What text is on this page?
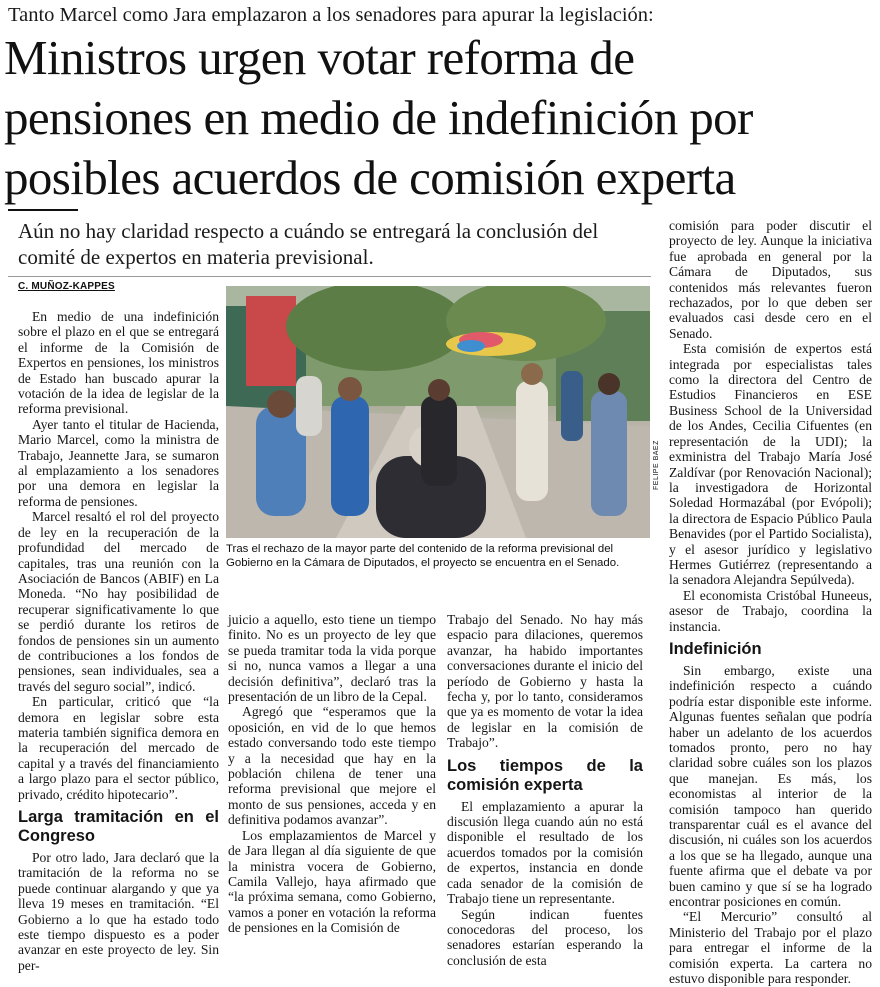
Tanto Marcel como Jara emplazaron a los senadores para apurar la legislación:
Ministros urgen votar reforma de
pensiones en medio de indefinición por
posibles acuerdos de comisión experta
Aún no hay claridad respecto a cuándo se entregará la conclusión del comité de expertos en materia previsional.
C. MUÑOZ-KAPPES

En medio de una indefinición sobre el plazo en el que se entregará el informe de la Comisión de Expertos en pensiones, los ministros de Estado han buscado apurar la votación de la idea de legislar de la reforma previsional.

Ayer tanto el titular de Hacienda, Mario Marcel, como la ministra de Trabajo, Jeannette Jara, se sumaron al emplazamiento a los senadores por una demora en legislar la reforma de pensiones.

Marcel resaltó el rol del proyecto de ley en la recuperación de la profundidad del mercado de capitales, tras una reunión con la Asociación de Bancos (ABIF) en La Moneda. “No hay posibilidad de recuperar significativamente lo que se perdió durante los retiros de fondos de pensiones sin un aumento de contribuciones a los fondos de pensiones, sean individuales, sea a través del seguro social”, indicó.

En particular, criticó que “la demora en legislar sobre esta materia también significa demora en la recuperación del mercado de capital y a través del financiamiento a largo plazo para el sector público, privado, crédito hipotecario”.

Larga tramitación en el Congreso

Por otro lado, Jara declaró que la tramitación de la reforma no se puede continuar alargando y que ya lleva 19 meses en tramitación. “El Gobierno a lo que ha estado todo este tiempo dispuesto es a poder avanzar en este proyecto de ley. Sin per-

FELIPE BAEZ
Tras el rechazo de la mayor parte del contenido de la reforma previsional del Gobierno en la Cámara de Diputados, el proyecto se encuentra en el Senado.

juicio a aquello, esto tiene un tiempo finito. No es un proyecto de ley que se pueda tramitar toda la vida porque si no, nunca vamos a llegar a una decisión definitiva”, declaró tras la presentación de un libro de la Cepal.

Agregó que “esperamos que la oposición, en vid de lo que hemos estado conversando todo este tiempo y a la necesidad que hay en la población chilena de tener una reforma previsional que mejore el monto de sus pensiones, acceda y en definitiva podamos avanzar”.

Los emplazamientos de Marcel y de Jara llegan al día siguiente de que la ministra vocera de Gobierno, Camila Vallejo, haya afirmado que “la próxima semana, como Gobierno, vamos a poner en votación la reforma de pensiones en la Comisión de

Trabajo del Senado. No hay más espacio para dilaciones, queremos avanzar, ha habido importantes conversaciones durante el inicio del período de Gobierno y hasta la fecha y, por lo tanto, consideramos que ya es momento de votar la idea de legislar en la comisión de Trabajo”.

Los tiempos de la comisión experta

El emplazamiento a apurar la discusión llega cuando aún no está disponible el resultado de los acuerdos tomados por la comisión de expertos, instancia en donde cada senador de la comisión de Trabajo tiene un representante.

Según indican fuentes conocedoras del proceso, los senadores estarían esperando la conclusión de esta

comisión para poder discutir el proyecto de ley. Aunque la iniciativa fue aprobada en general por la Cámara de Diputados, sus contenidos más relevantes fueron rechazados, por lo que deben ser evaluados casi desde cero en el Senado.

Esta comisión de expertos está integrada por especialistas tales como la directora del Centro de Estudios Financieros en ESE Business School de la Universidad de los Andes, Cecilia Cifuentes (en representación de la UDI); la exministra del Trabajo María José Zaldívar (por Renovación Nacional); la investigadora de Horizontal Soledad Hormazábal (por Evópoli); la directora de Espacio Público Paula Benavides (por el Partido Socialista), y el asesor jurídico y legislativo Hermes Gutiérrez (representando a la senadora Alejandra Sepúlveda).

El economista Cristóbal Huneeus, asesor de Trabajo, coordina la instancia.

Indefinición

Sin embargo, existe una indefinición respecto a cuándo podría estar disponible este informe. Algunas fuentes señalan que podría haber un adelanto de los acuerdos tomados pronto, pero no hay claridad sobre cuáles son los plazos que manejan. Es más, los economistas al interior de la comisión tampoco han querido transparentar cuál es el avance del discusión, ni cuáles son los acuerdos a los que se ha llegado, aunque una fuente afirma que el debate va por buen camino y que sí se ha logrado encontrar posiciones en común.

“El Mercurio” consultó al Ministerio del Trabajo por el plazo para entregar el informe de la comisión experta. La cartera no estuvo disponible para responder.
